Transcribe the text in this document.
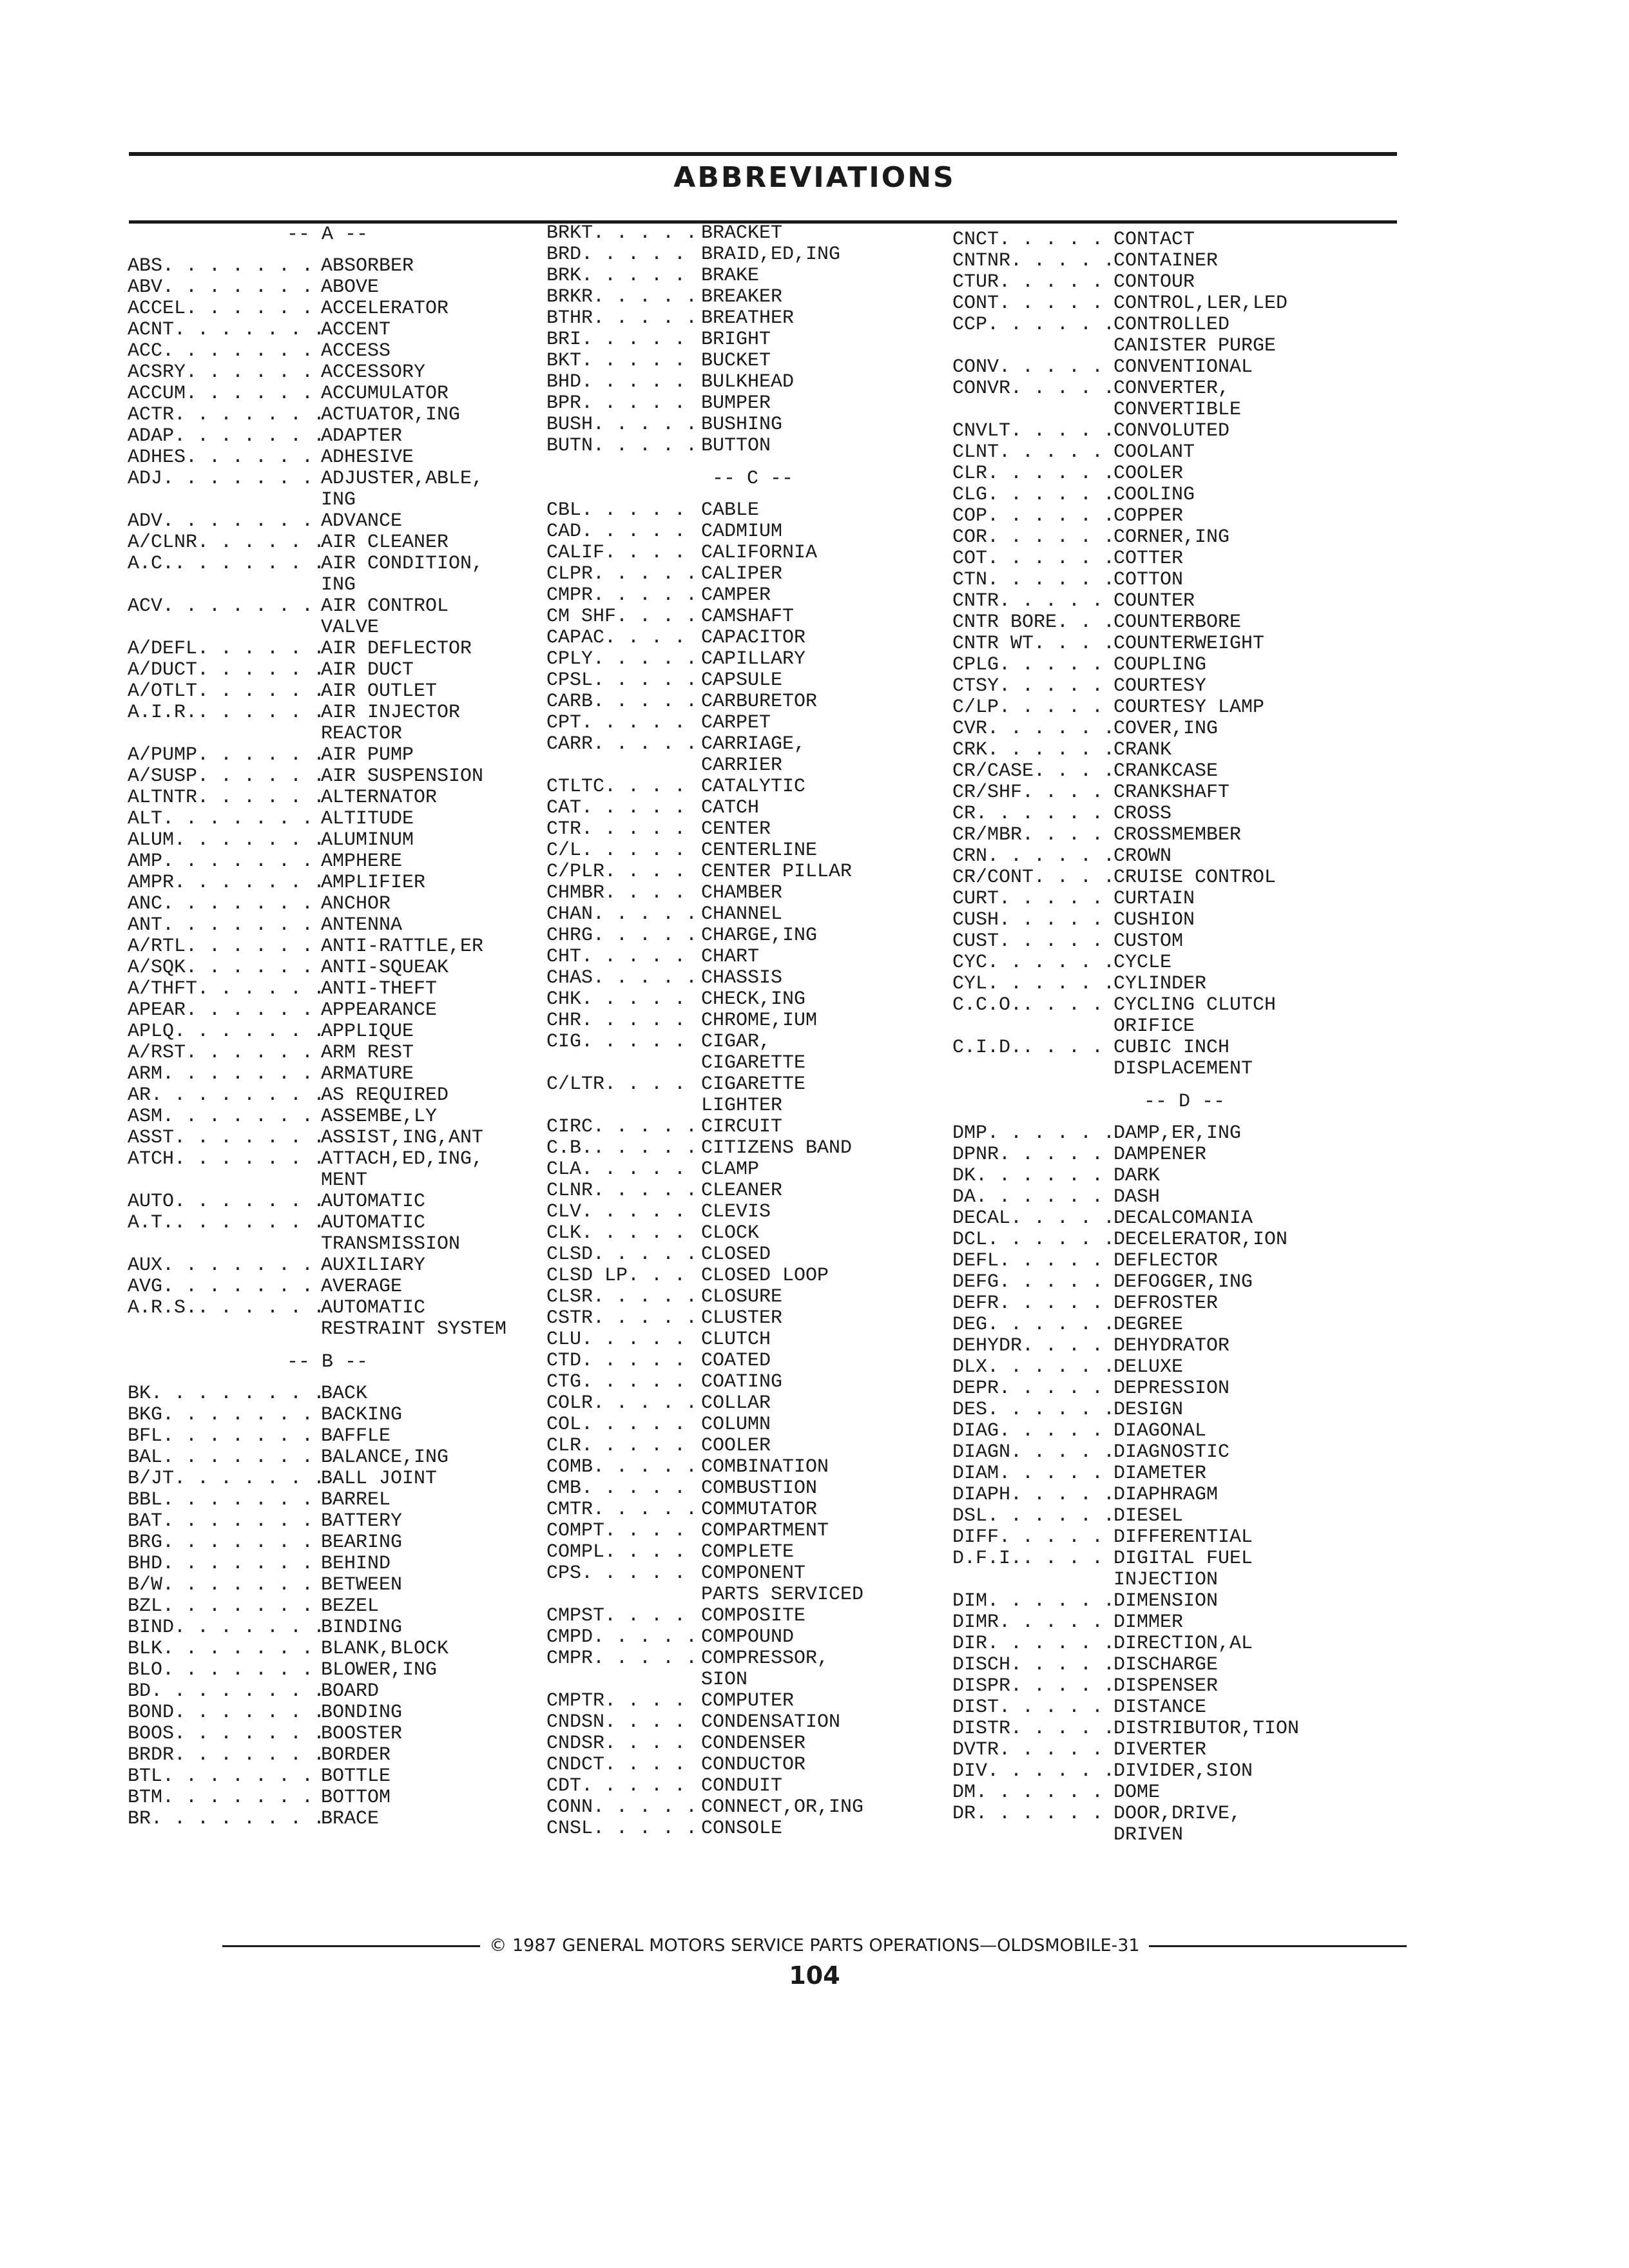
ABBREVIATIONS
-- A --
ABS . . .	ABSORBER
ABV . . .	ABOVE
ACCEL . . .	ACCELERATOR
ACNT . . .	ACCENT
ACC . . .	ACCESS
ACSRY . . .	ACCESSORY
ACCUM . . .	ACCUMULATOR
ACTR . . .	ACTUATOR,ING
ADAP . . .	ADAPTER
ADHES . . .	ADHESIVE
ADJ . . .	ADJUSTER,ABLE,
ING
ADV . . .	ADVANCE
A/CLNR . . .	AIR CLEANER
A.C. . . .	AIR CONDITION,
ING
ACV . . .	AIR CONTROL
VALVE
A/DEFL . . .	AIR DEFLECTOR
A/DUCT . . .	AIR DUCT
A/OTLT . . .	AIR OUTLET
A.I.R. . . .	AIR INJECTOR
REACTOR
A/PUMP . . .	AIR PUMP
A/SUSP . . .	AIR SUSPENSION
ALTNTR . . .	ALTERNATOR
ALT . . .	ALTITUDE
ALUM . . .	ALUMINUM
AMP . . .	AMPHERE
AMPR . . .	AMPLIFIER
ANC . . .	ANCHOR
ANT . . .	ANTENNA
A/RTL . . .	ANTI-RATTLE,ER
A/SQK . . .	ANTI-SQUEAK
A/THFT . . .	ANTI-THEFT
APEAR . . .	APPEARANCE
APLQ . . .	APPLIQUE
A/RST . . .	ARM REST
ARM . . .	ARMATURE
AR . . .	AS REQUIRED
ASM . . .	ASSEMBE,LY
ASST . . .	ASSIST,ING,ANT
ATCH . . .	ATTACH,ED,ING,
MENT
AUTO . . .	AUTOMATIC
A.T. . . .	AUTOMATIC
TRANSMISSION
AUX . . .	AUXILIARY
AVG . . .	AVERAGE
A.R.S. . . .	AUTOMATIC
RESTRAINT SYSTEM
-- B --
BK . . .	BACK
BKG . . .	BACKING
BFL . . .	BAFFLE
BAL . . .	BALANCE,ING
B/JT . . .	BALL JOINT
BBL . . .	BARREL
BAT . . .	BATTERY
BRG . . .	BEARING
BHD . . .	BEHIND
B/W . . .	BETWEEN
BZL . . .	BEZEL
BIND . . .	BINDING
BLK . . .	BLANK,BLOCK
BLO . . .	BLOWER,ING
BD . . .	BOARD
BOND . . .	BONDING
BOOS . . .	BOOSTER
BRDR . . .	BORDER
BTL . . .	BOTTLE
BTM . . .	BOTTOM
BR . . .	BRACE
BRKT . . .	BRACKET
BRD . . .	BRAID,ED,ING
BRK . . .	BRAKE
BRKR . . .	BREAKER
BTHR . . .	BREATHER
BRI . . .	BRIGHT
BKT . . .	BUCKET
BHD . . .	BULKHEAD
BPR . . .	BUMPER
BUSH . . .	BUSHING
BUTN . . .	BUTTON
-- C --
CBL . . .	CABLE
CAD . . .	CADMIUM
CALIF . . .	CALIFORNIA
CLPR . . .	CALIPER
CMPR . . .	CAMPER
CM SHF . . .	CAMSHAFT
CAPAC . . .	CAPACITOR
CPLY . . .	CAPILLARY
CPSL . . .	CAPSULE
CARB . . .	CARBURETOR
CPT . . .	CARPET
CARR . . .	CARRIAGE,
CARRIER
CTLTC . . .	CATALYTIC
CAT . . .	CATCH
CTR . . .	CENTER
C/L . . .	CENTERLINE
C/PLR . . .	CENTER PILLAR
CHMBR . . .	CHAMBER
CHAN . . .	CHANNEL
CHRG . . .	CHARGE,ING
CHT . . .	CHART
CHAS . . .	CHASSIS
CHK . . .	CHECK,ING
CHR . . .	CHROME,IUM
CIG . . .	CIGAR,
CIGARETTE
C/LTR . . .	CIGARETTE
LIGHTER
CIRC . . .	CIRCUIT
C.B. . . .	CITIZENS BAND
CLA . . .	CLAMP
CLNR . . .	CLEANER
CLV . . .	CLEVIS
CLK . . .	CLOCK
CLSD . . .	CLOSED
CLSD LP . . .	CLOSED LOOP
CLSR . . .	CLOSURE
CSTR . . .	CLUSTER
CLU . . .	CLUTCH
CTD . . .	COATED
CTG . . .	COATING
COLR . . .	COLLAR
COL . . .	COLUMN
CLR . . .	COOLER
COMB . . .	COMBINATION
CMB . . .	COMBUSTION
CMTR . . .	COMMUTATOR
COMPT . . .	COMPARTMENT
COMPL . . .	COMPLETE
CPS . . .	COMPONENT
PARTS SERVICED
CMPST . . .	COMPOSITE
CMPD . . .	COMPOUND
CMPR . . .	COMPRESSOR,
SION
CMPTR . . .	COMPUTER
CNDSN . . .	CONDENSATION
CNDSR . . .	CONDENSER
CNDCT . . .	CONDUCTOR
CDT . . .	CONDUIT
CONN . . .	CONNECT,OR,ING
CNSL . . .	CONSOLE
CNCT . . .	CONTACT
CNTNR . . .	CONTAINER
CTUR . . .	CONTOUR
CONT . . .	CONTROL,LER,LED
CCP . . .	CONTROLLED
CANISTER PURGE
CONV . . .	CONVENTIONAL
CONVR . . .	CONVERTER,
CONVERTIBLE
CNVLT . . .	CONVOLUTED
CLNT . . .	COOLANT
CLR . . .	COOLER
CLG . . .	COOLING
COP . . .	COPPER
COR . . .	CORNER,ING
COT . . .	COTTER
CTN . . .	COTTON
CNTR . . .	COUNTER
CNTR BORE . . .	COUNTERBORE
CNTR WT . . .	COUNTERWEIGHT
CPLG . . .	COUPLING
CTSY . . .	COURTESY
C/LP . . .	COURTESY LAMP
CVR . . .	COVER,ING
CRK . . .	CRANK
CR/CASE . . .	CRANKCASE
CR/SHF . . .	CRANKSHAFT
CR . . .	CROSS
CR/MBR . . .	CROSSMEMBER
CRN . . .	CROWN
CR/CONT . . .	CRUISE CONTROL
CURT . . .	CURTAIN
CUSH . . .	CUSHION
CUST . . .	CUSTOM
CYC . . .	CYCLE
CYL . . .	CYLINDER
C.C.O. . . .	CYCLING CLUTCH
ORIFICE
C.I.D. . . .	CUBIC INCH
DISPLACEMENT
-- D --
DMP . . .	DAMP,ER,ING
DPNR . . .	DAMPENER
DK . . .	DARK
DA . . .	DASH
DECAL . . .	DECALCOMANIA
DCL . . .	DECELERATOR,ION
DEFL . . .	DEFLECTOR
DEFG . . .	DEFOGGER,ING
DEFR . . .	DEFROSTER
DEG . . .	DEGREE
DEHYDR . . .	DEHYDRATOR
DLX . . .	DELUXE
DEPR . . .	DEPRESSION
DES . . .	DESIGN
DIAG . . .	DIAGONAL
DIAGN . . .	DIAGNOSTIC
DIAM . . .	DIAMETER
DIAPH . . .	DIAPHRAGM
DSL . . .	DIESEL
DIFF . . .	DIFFERENTIAL
D.F.I. . . .	DIGITAL FUEL
INJECTION
DIM . . .	DIMENSION
DIMR . . .	DIMMER
DIR . . .	DIRECTION,AL
DISCH . . .	DISCHARGE
DISPR . . .	DISPENSER
DIST . . .	DISTANCE
DISTR . . .	DISTRIBUTOR,TION
DVTR . . .	DIVERTER
DIV . . .	DIVIDER,SION
DM . . .	DOME
DR . . .	DOOR,DRIVE,
DRIVEN
© 1987 GENERAL MOTORS SERVICE PARTS OPERATIONS—OLDSMOBILE-31
104
